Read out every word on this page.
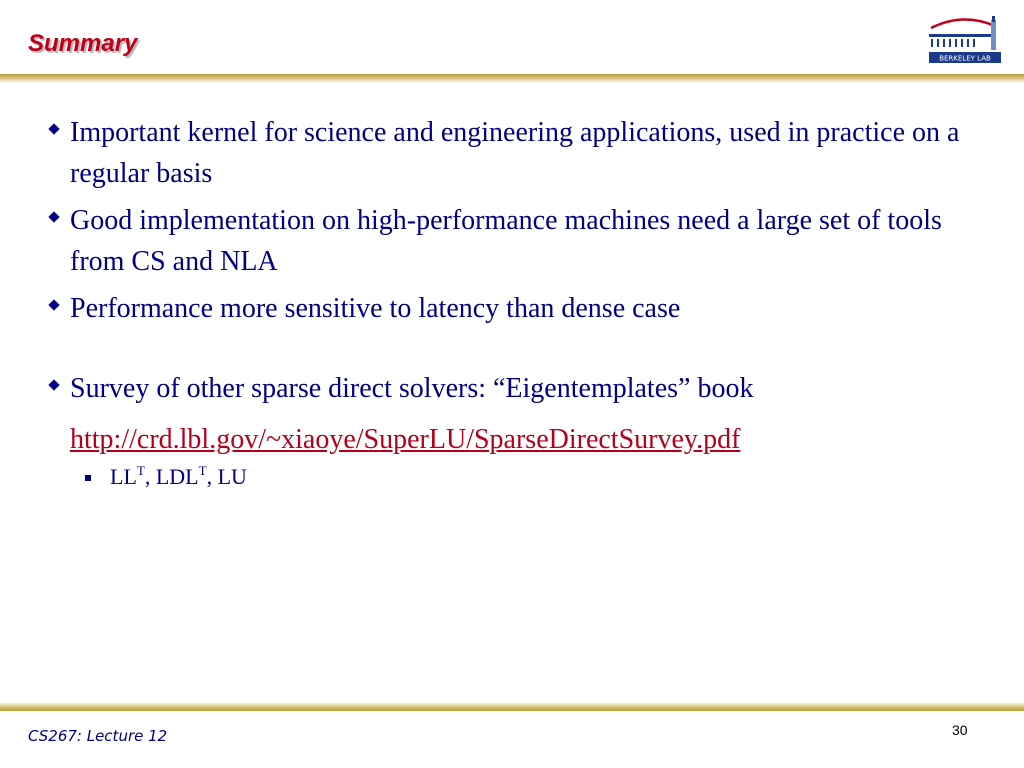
Summary
BERKELEY LAB
Important kernel for science and engineering applications, used in practice on a regular basis
Good implementation on high-performance machines need a large set of tools from CS and NLA
Performance more sensitive to latency than dense case
Survey of other sparse direct solvers: “Eigentemplates” book
http://crd.lbl.gov/~xiaoye/SuperLU/SparseDirectSurvey.pdf
$LL^T$, $LDL^T$, LU
CS267: Lecture 12	30
